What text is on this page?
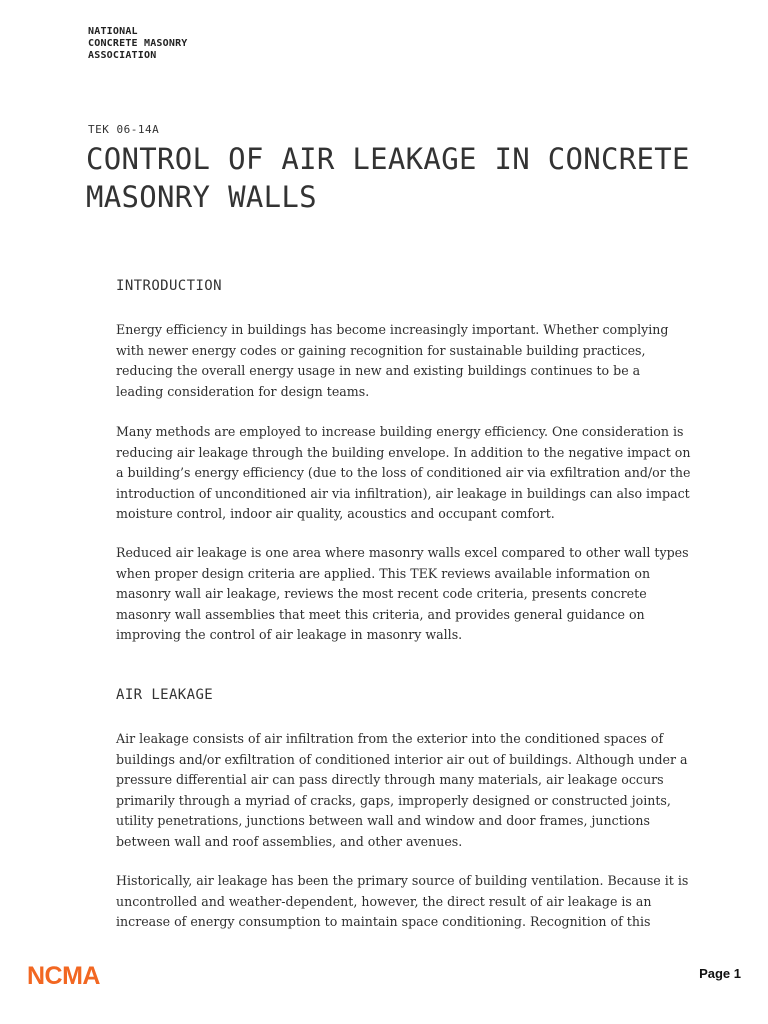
NATIONAL
CONCRETE MASONRY
ASSOCIATION
TEK 06-14A
CONTROL OF AIR LEAKAGE IN CONCRETE MASONRY WALLS
INTRODUCTION

Energy efficiency in buildings has become increasingly important. Whether complying with newer energy codes or gaining recognition for sustainable building practices, reducing the overall energy usage in new and existing buildings continues to be a leading consideration for design teams.

Many methods are employed to increase building energy efficiency. One consideration is reducing air leakage through the building envelope. In addition to the negative impact on a building’s energy efficiency (due to the loss of conditioned air via exfiltration and/or the introduction of unconditioned air via infiltration), air leakage in buildings can also impact moisture control, indoor air quality, acoustics and occupant comfort.

Reduced air leakage is one area where masonry walls excel compared to other wall types when proper design criteria are applied. This TEK reviews available information on masonry wall air leakage, reviews the most recent code criteria, presents concrete masonry wall assemblies that meet this criteria, and provides general guidance on improving the control of air leakage in masonry walls.

AIR LEAKAGE

Air leakage consists of air infiltration from the exterior into the conditioned spaces of buildings and/or exfiltration of conditioned interior air out of buildings. Although under a pressure differential air can pass directly through many materials, air leakage occurs primarily through a myriad of cracks, gaps, improperly designed or constructed joints, utility penetrations, junctions between wall and window and door frames, junctions between wall and roof assemblies, and other avenues.

Historically, air leakage has been the primary source of building ventilation. Because it is uncontrolled and weather-dependent, however, the direct result of air leakage is an increase of energy consumption to maintain space conditioning. Recognition of this

NCMA	Page 1
